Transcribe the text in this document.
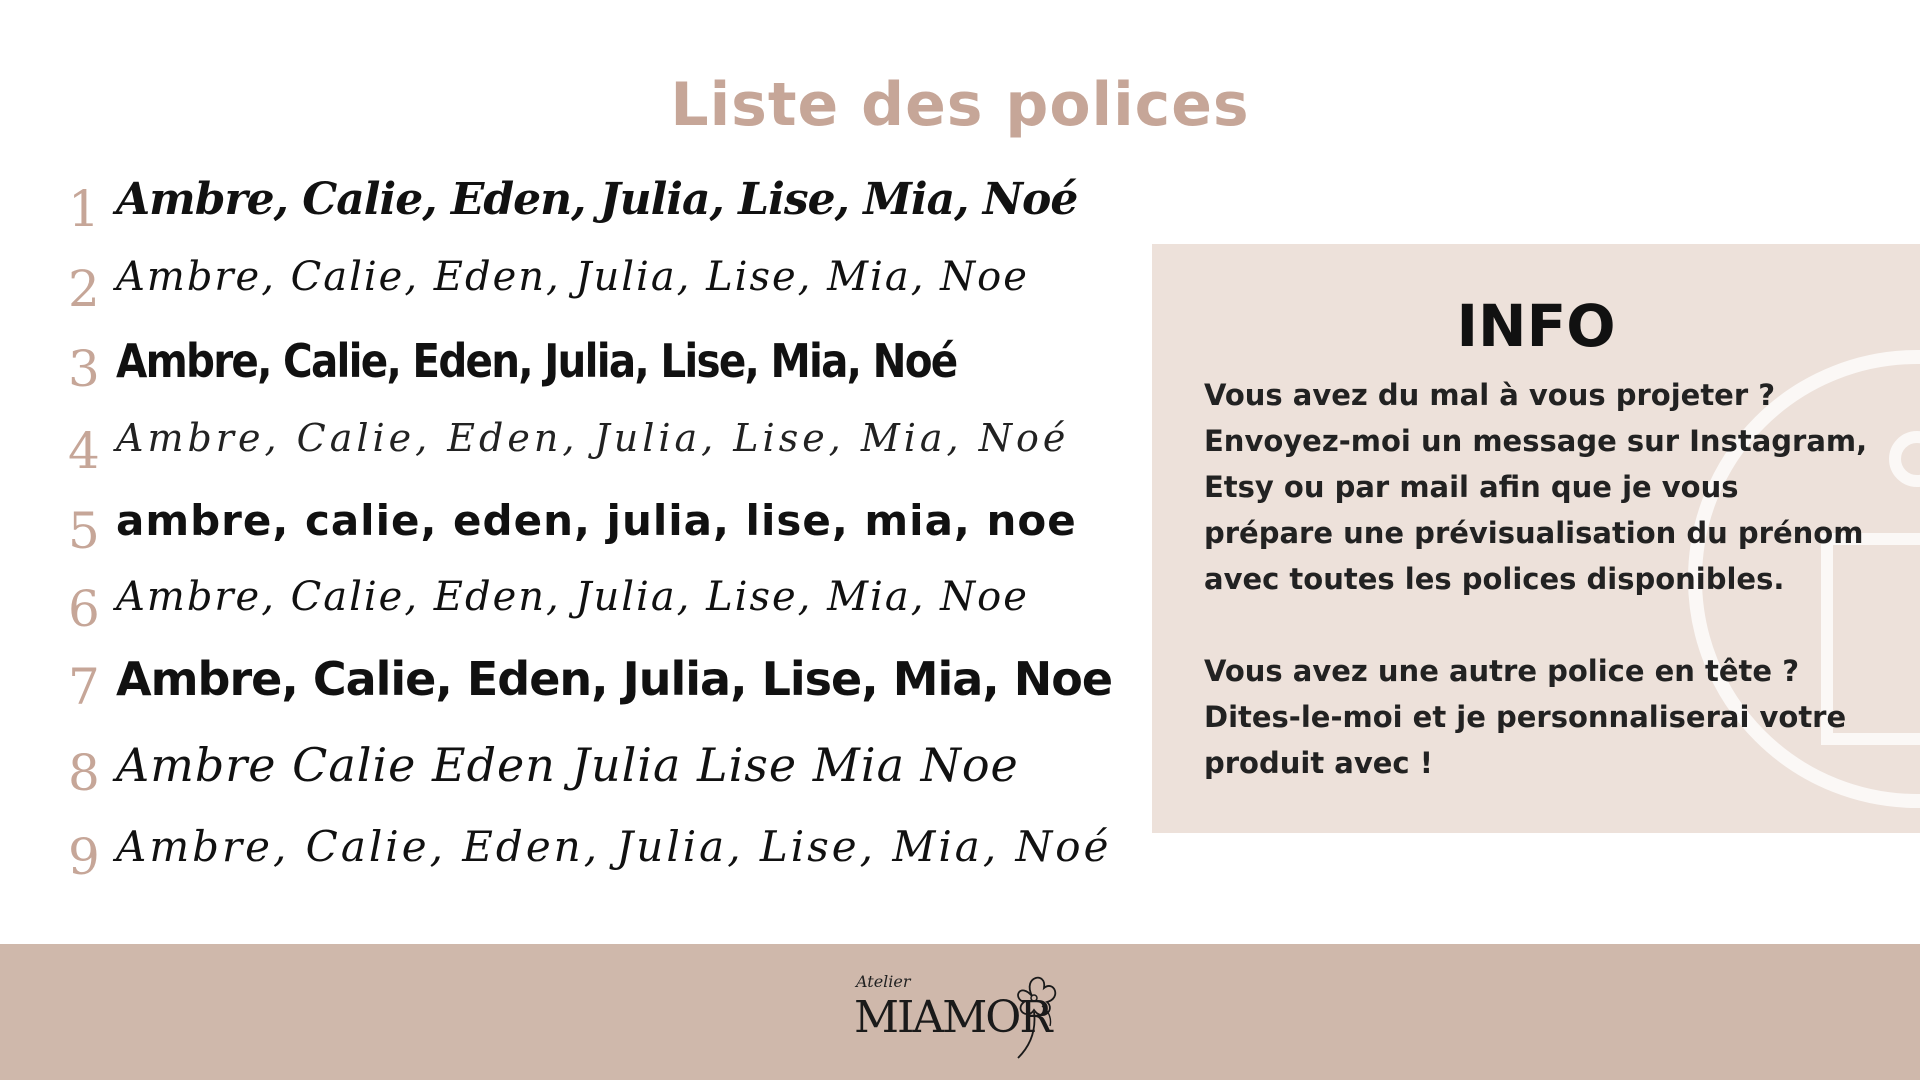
Liste des polices
1 Ambre, Calie, Eden, Julia, Lise, Mia, Noé
2 Ambre, Calie, Eden, Julia, Lise, Mia, Noe
3 Ambre, Calie, Eden, Julia, Lise, Mia, Noé
4 Ambre, Calie, Eden, Julia, Lise, Mia, Noé
5 ambre, calie, eden, julia, lise, mia, noe
6 Ambre, Calie, Eden, Julia, Lise, Mia, Noe
7 Ambre, Calie, Eden, Julia, Lise, Mia, Noe
8 Ambre Calie Eden Julia Lise Mia Noe
9 Ambre, Calie, Eden, Julia, Lise, Mia, Noé
INFO
Vous avez du mal à vous projeter ?
Envoyez-moi un message sur Instagram,
Etsy ou par mail afin que je vous
prépare une prévisualisation du prénom
avec toutes les polices disponibles.
Vous avez une autre police en tête ?
Dites-le-moi et je personnaliserai votre
produit avec !
Atelier
MIAMOR
